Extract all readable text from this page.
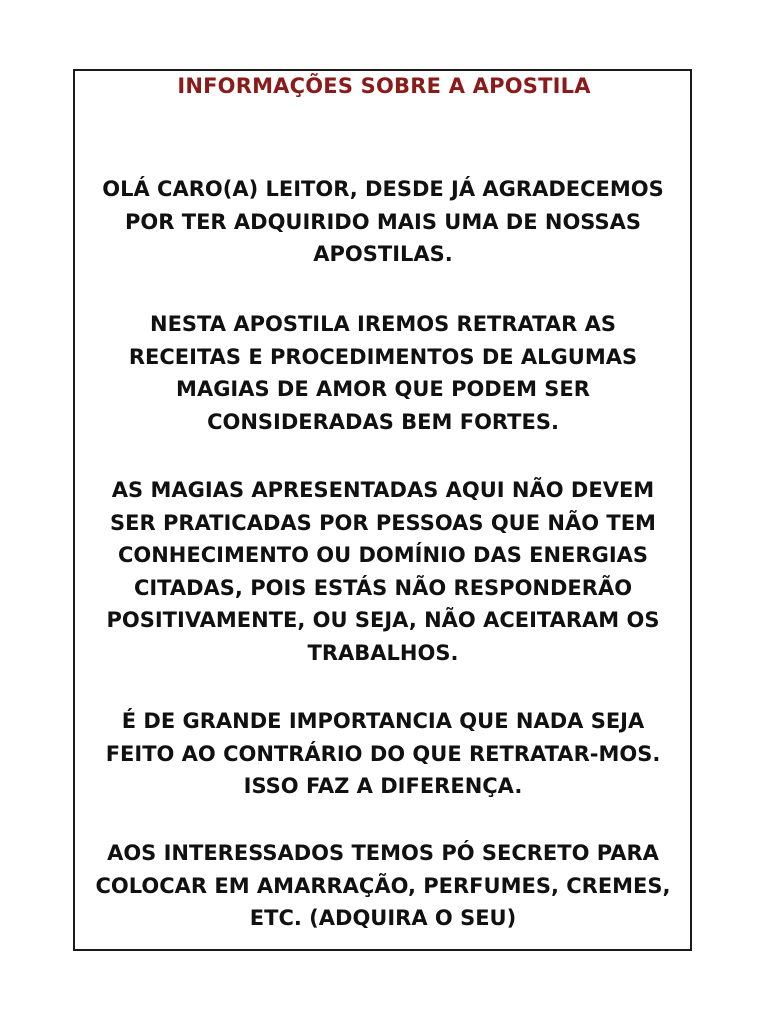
INFORMAÇÕES SOBRE A APOSTILA
OLÁ CARO(A) LEITOR, DESDE JÁ AGRADECEMOS
POR TER ADQUIRIDO MAIS UMA DE NOSSAS
APOSTILAS.
NESTA APOSTILA IREMOS RETRATAR AS
RECEITAS E PROCEDIMENTOS DE ALGUMAS
MAGIAS DE AMOR QUE PODEM SER
CONSIDERADAS BEM FORTES.
AS MAGIAS APRESENTADAS AQUI NÃO DEVEM
SER PRATICADAS POR PESSOAS QUE NÃO TEM
CONHECIMENTO OU DOMÍNIO DAS ENERGIAS
CITADAS, POIS ESTÁS NÃO RESPONDERÃO
POSITIVAMENTE, OU SEJA, NÃO ACEITARAM OS
TRABALHOS.
É DE GRANDE IMPORTANCIA QUE NADA SEJA
FEITO AO CONTRÁRIO DO QUE RETRATAR-MOS.
ISSO FAZ A DIFERENÇA.
AOS INTERESSADOS TEMOS PÓ SECRETO PARA
COLOCAR EM AMARRAÇÃO, PERFUMES, CREMES,
ETC. (ADQUIRA O SEU)
